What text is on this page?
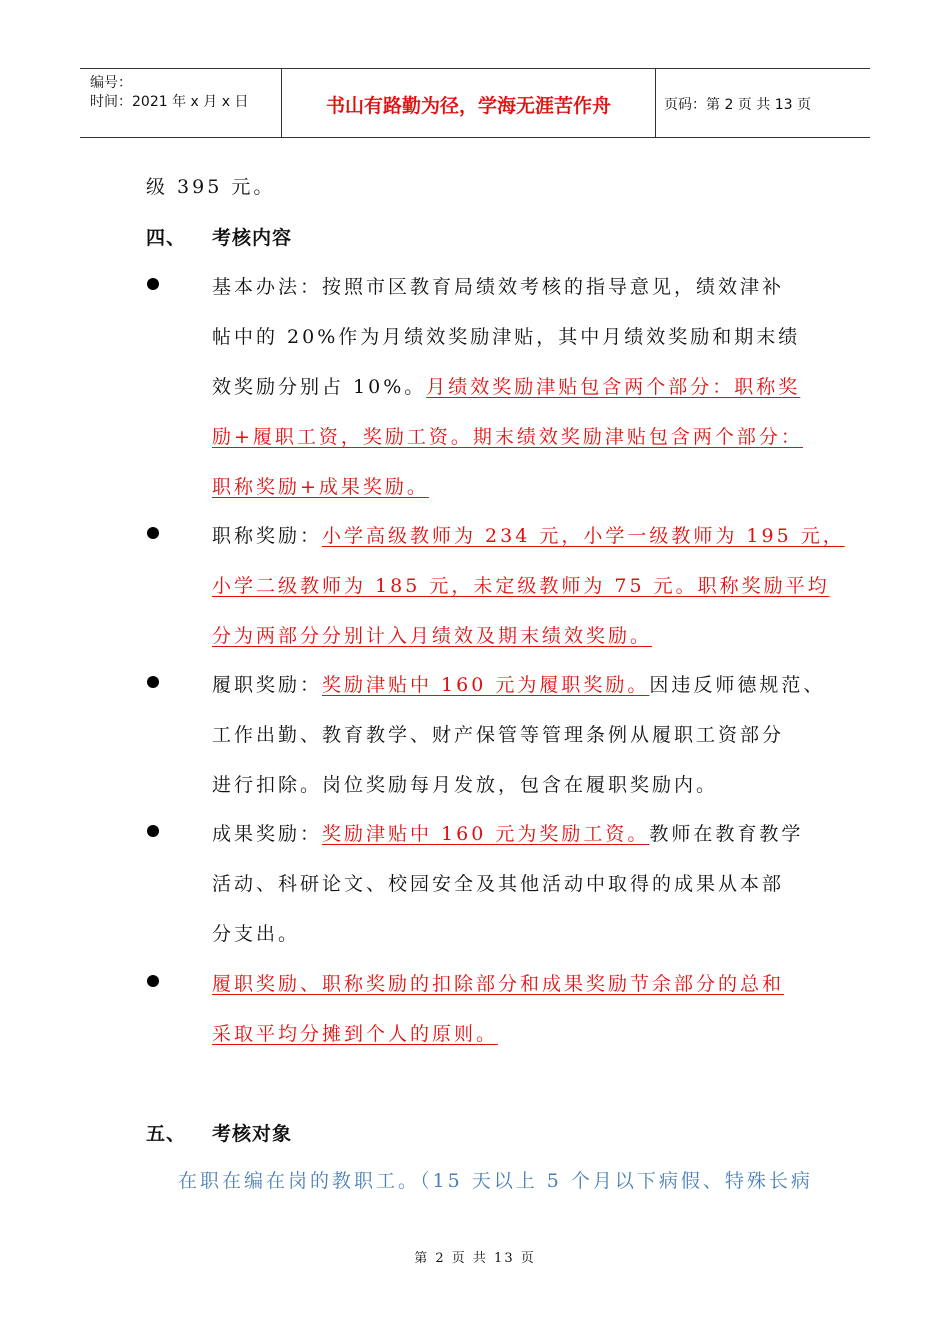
编号：
时间：2021 年 x 月 x 日	书山有路勤为径，学海无涯苦作舟	页码：第 2 页 共 13 页
级 395 元。
四、 考核内容
基本办法：按照市区教育局绩效考核的指导意见，绩效津补
帖中的 20%作为月绩效奖励津贴，其中月绩效奖励和期末绩
效奖励分别占 10%。月绩效奖励津贴包含两个部分：职称奖
励+履职工资，奖励工资。期末绩效奖励津贴包含两个部分：
职称奖励+成果奖励。
职称奖励：小学高级教师为 234 元，小学一级教师为 195 元，
小学二级教师为 185 元，未定级教师为 75 元。职称奖励平均
分为两部分分别计入月绩效及期末绩效奖励。
履职奖励：奖励津贴中 160 元为履职奖励。因违反师德规范、
工作出勤、教育教学、财产保管等管理条例从履职工资部分
进行扣除。岗位奖励每月发放，包含在履职奖励内。
成果奖励：奖励津贴中 160 元为奖励工资。教师在教育教学
活动、科研论文、校园安全及其他活动中取得的成果从本部
分支出。
履职奖励、职称奖励的扣除部分和成果奖励节余部分的总和
采取平均分摊到个人的原则。
五、 考核对象
在职在编在岗的教职工。（15 天以上 5 个月以下病假、特殊长病
第 2 页 共 13 页
